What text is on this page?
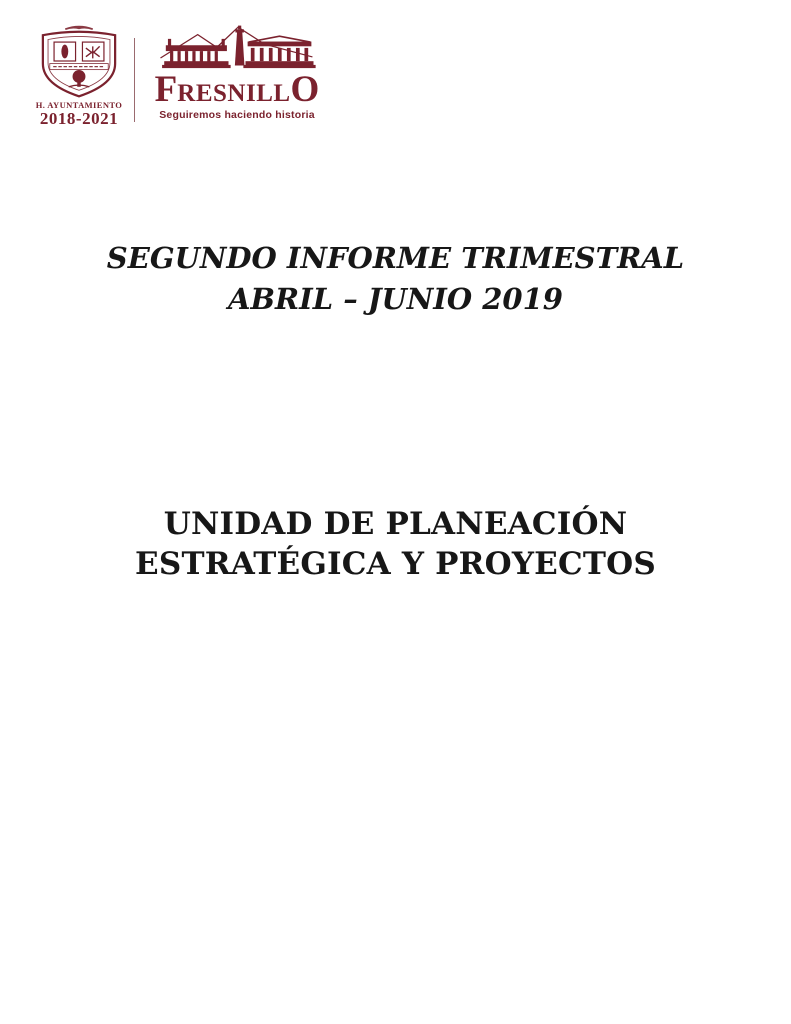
H. AYUNTAMIENTO
2018-2021
FRESNILLO
Seguiremos haciendo historia
SEGUNDO INFORME TRIMESTRAL
ABRIL – JUNIO 2019
UNIDAD DE PLANEACIÓN
ESTRATÉGICA Y PROYECTOS
